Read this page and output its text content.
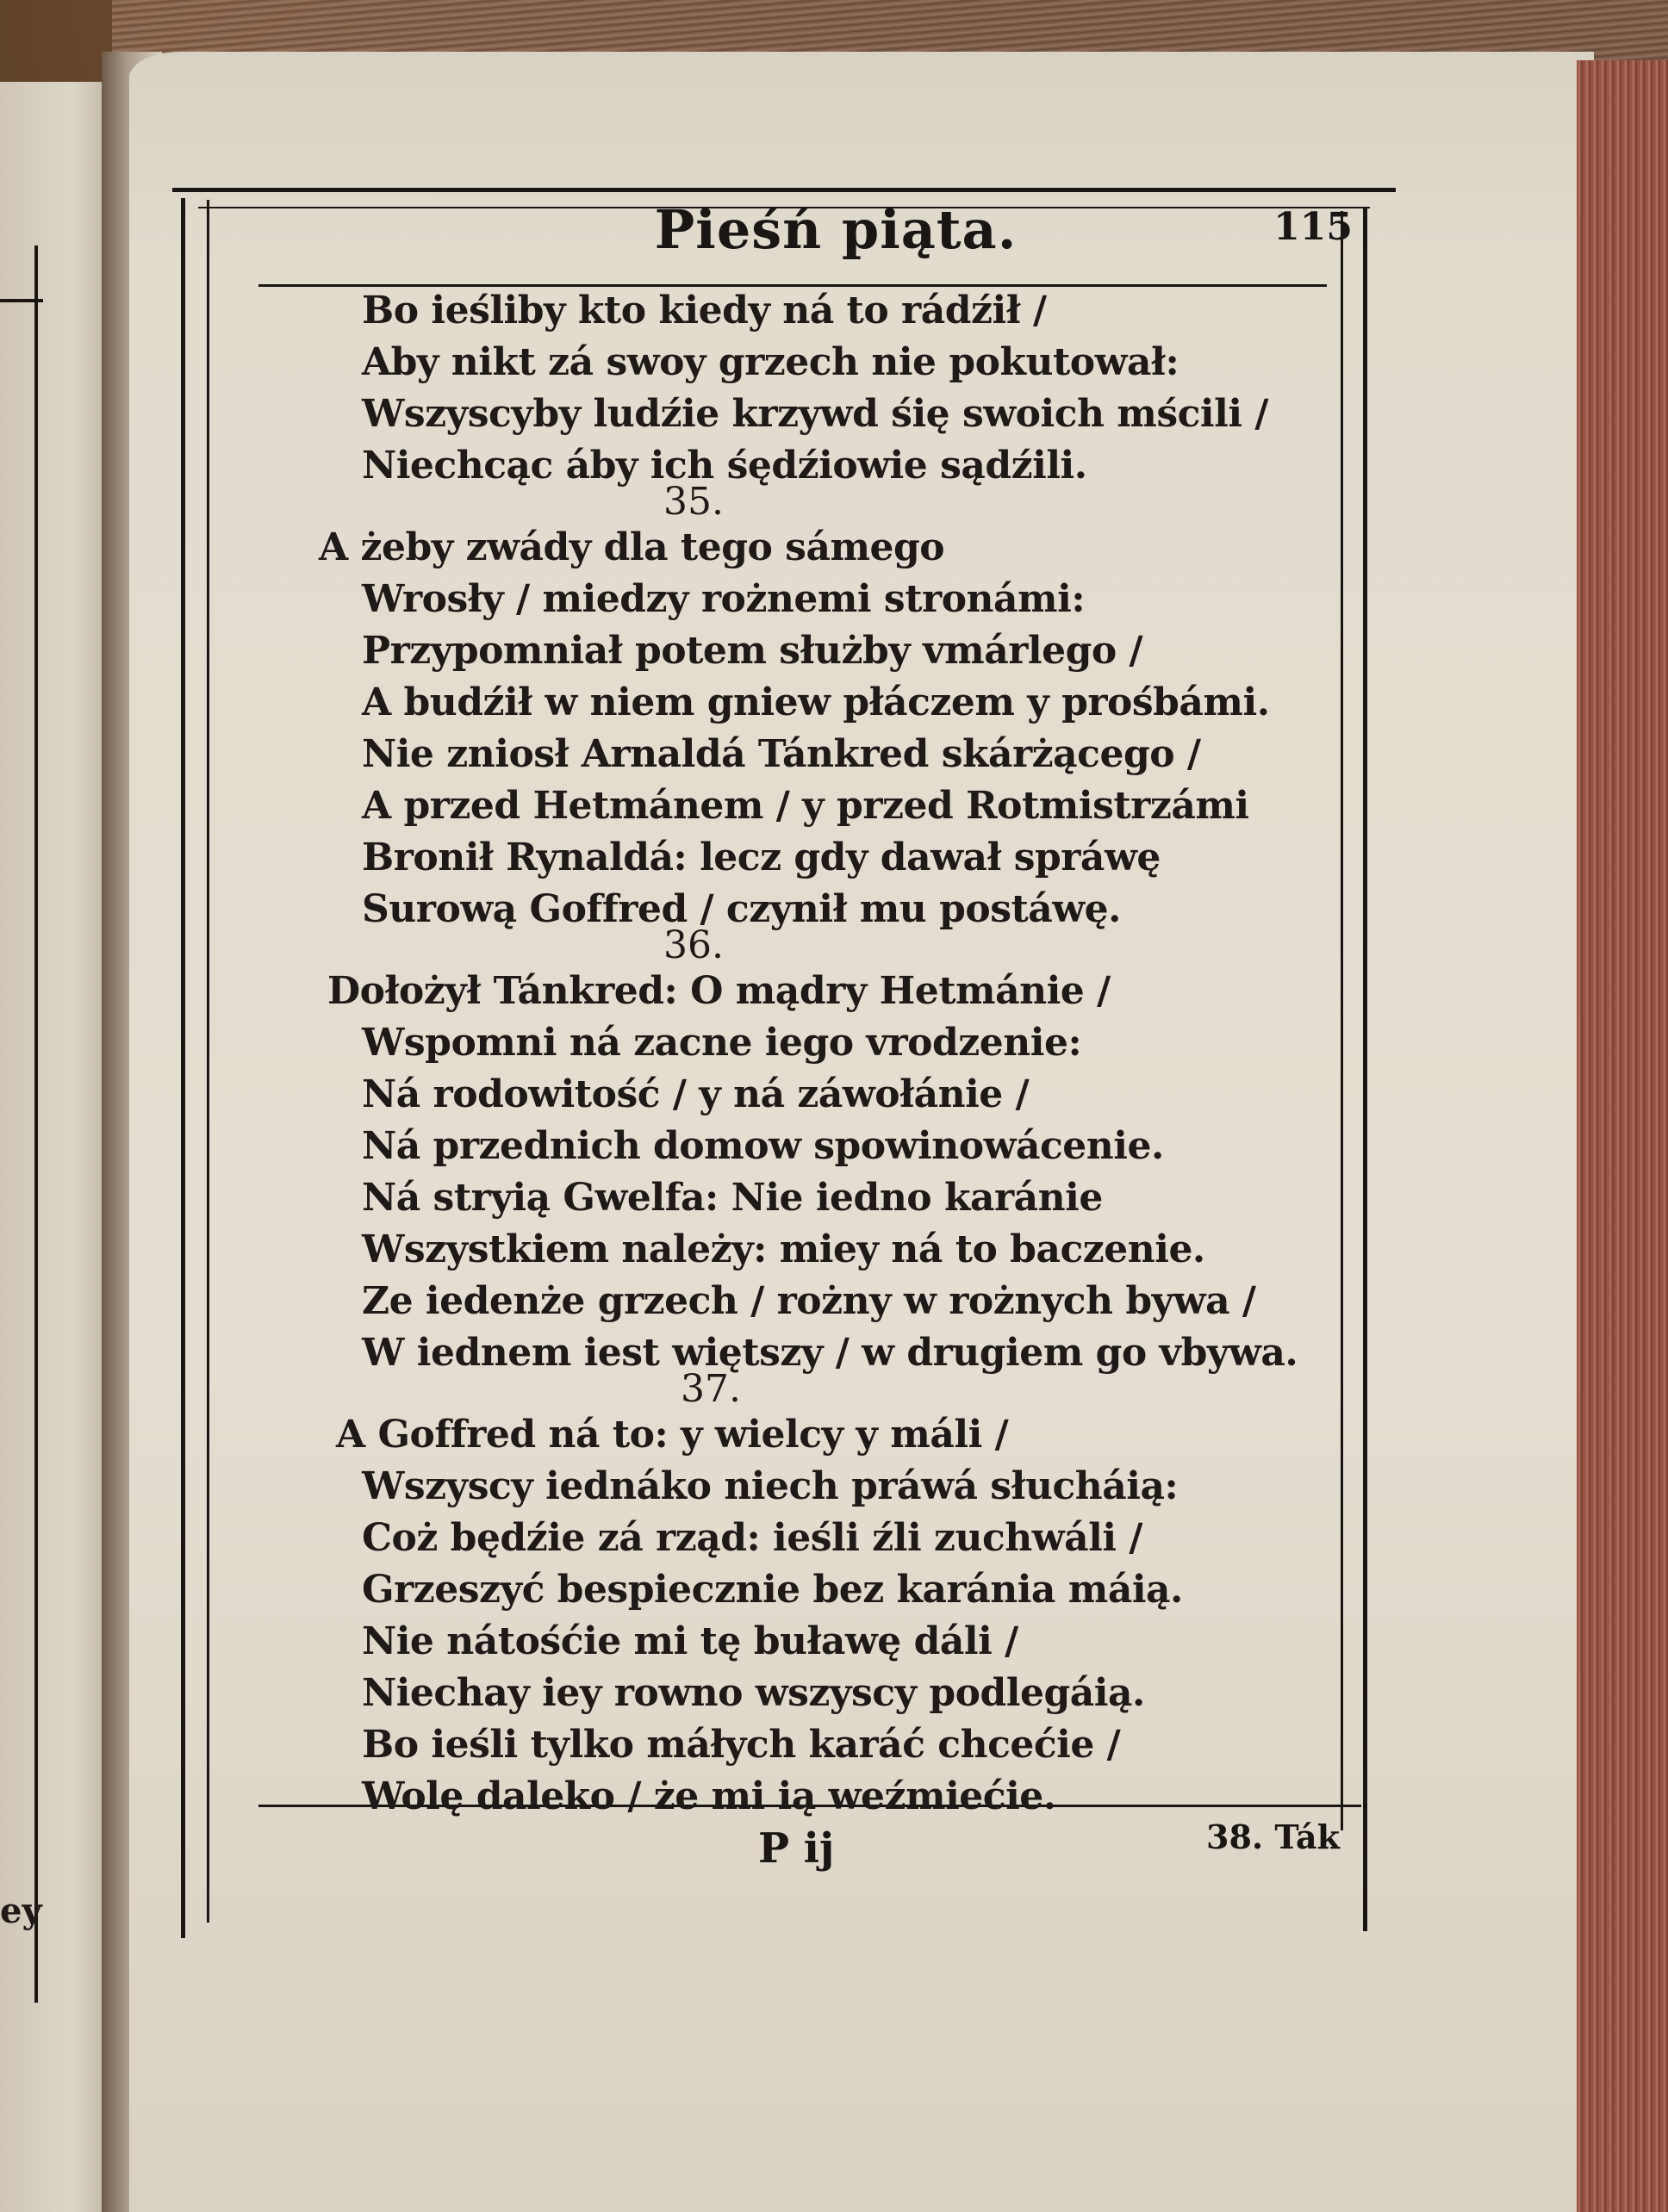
ey
Pieśń piąta.	115
Bo ieśliby kto kiedy ná to rádźił /
Aby nikt zá swoy grzech nie pokutował:
Wszyscyby ludźie krzywd śię swoich mścili /
Niechcąc áby ich śędźiowie sądźili.
35.
A żeby zwády dla tego sámego
Wrosły / miedzy rożnemi stronámi:
Przypomniał potem służby vmárlego /
A budźił w niem gniew płáczem y prośbámi.
Nie zniosł Arnaldá Tánkred skárżącego /
A przed Hetmánem / y przed Rotmistrzámi
Bronił Rynaldá: lecz gdy dawał spráwę
Surową Goffred / czynił mu postáwę.
36.
Dołożył Tánkred: O mądry Hetmánie /
Wspomni ná zacne iego vrodzenie:
Ná rodowitość / y ná záwołánie /
Ná przednich domow spowinowácenie.
Ná stryią Gwelfa: Nie iedno karánie
Wszystkiem należy: miey ná to baczenie.
Ze iedenże grzech / rożny w rożnych bywa /
W iednem iest więtszy / w drugiem go vbywa.
37.
A Goffred ná to: y wielcy y máli /
Wszyscy iednáko niech práwá słucháią:
Coż będźie zá rząd: ieśli źli zuchwáli /
Grzeszyć bespiecznie bez karánia máią.
Nie nátośćie mi tę buławę dáli /
Niechay iey rowno wszyscy podlegáią.
Bo ieśli tylko máłych karáć chcećie /
Wolę daleko / że mi ią weźmiećie.
P ij	38. Ták
